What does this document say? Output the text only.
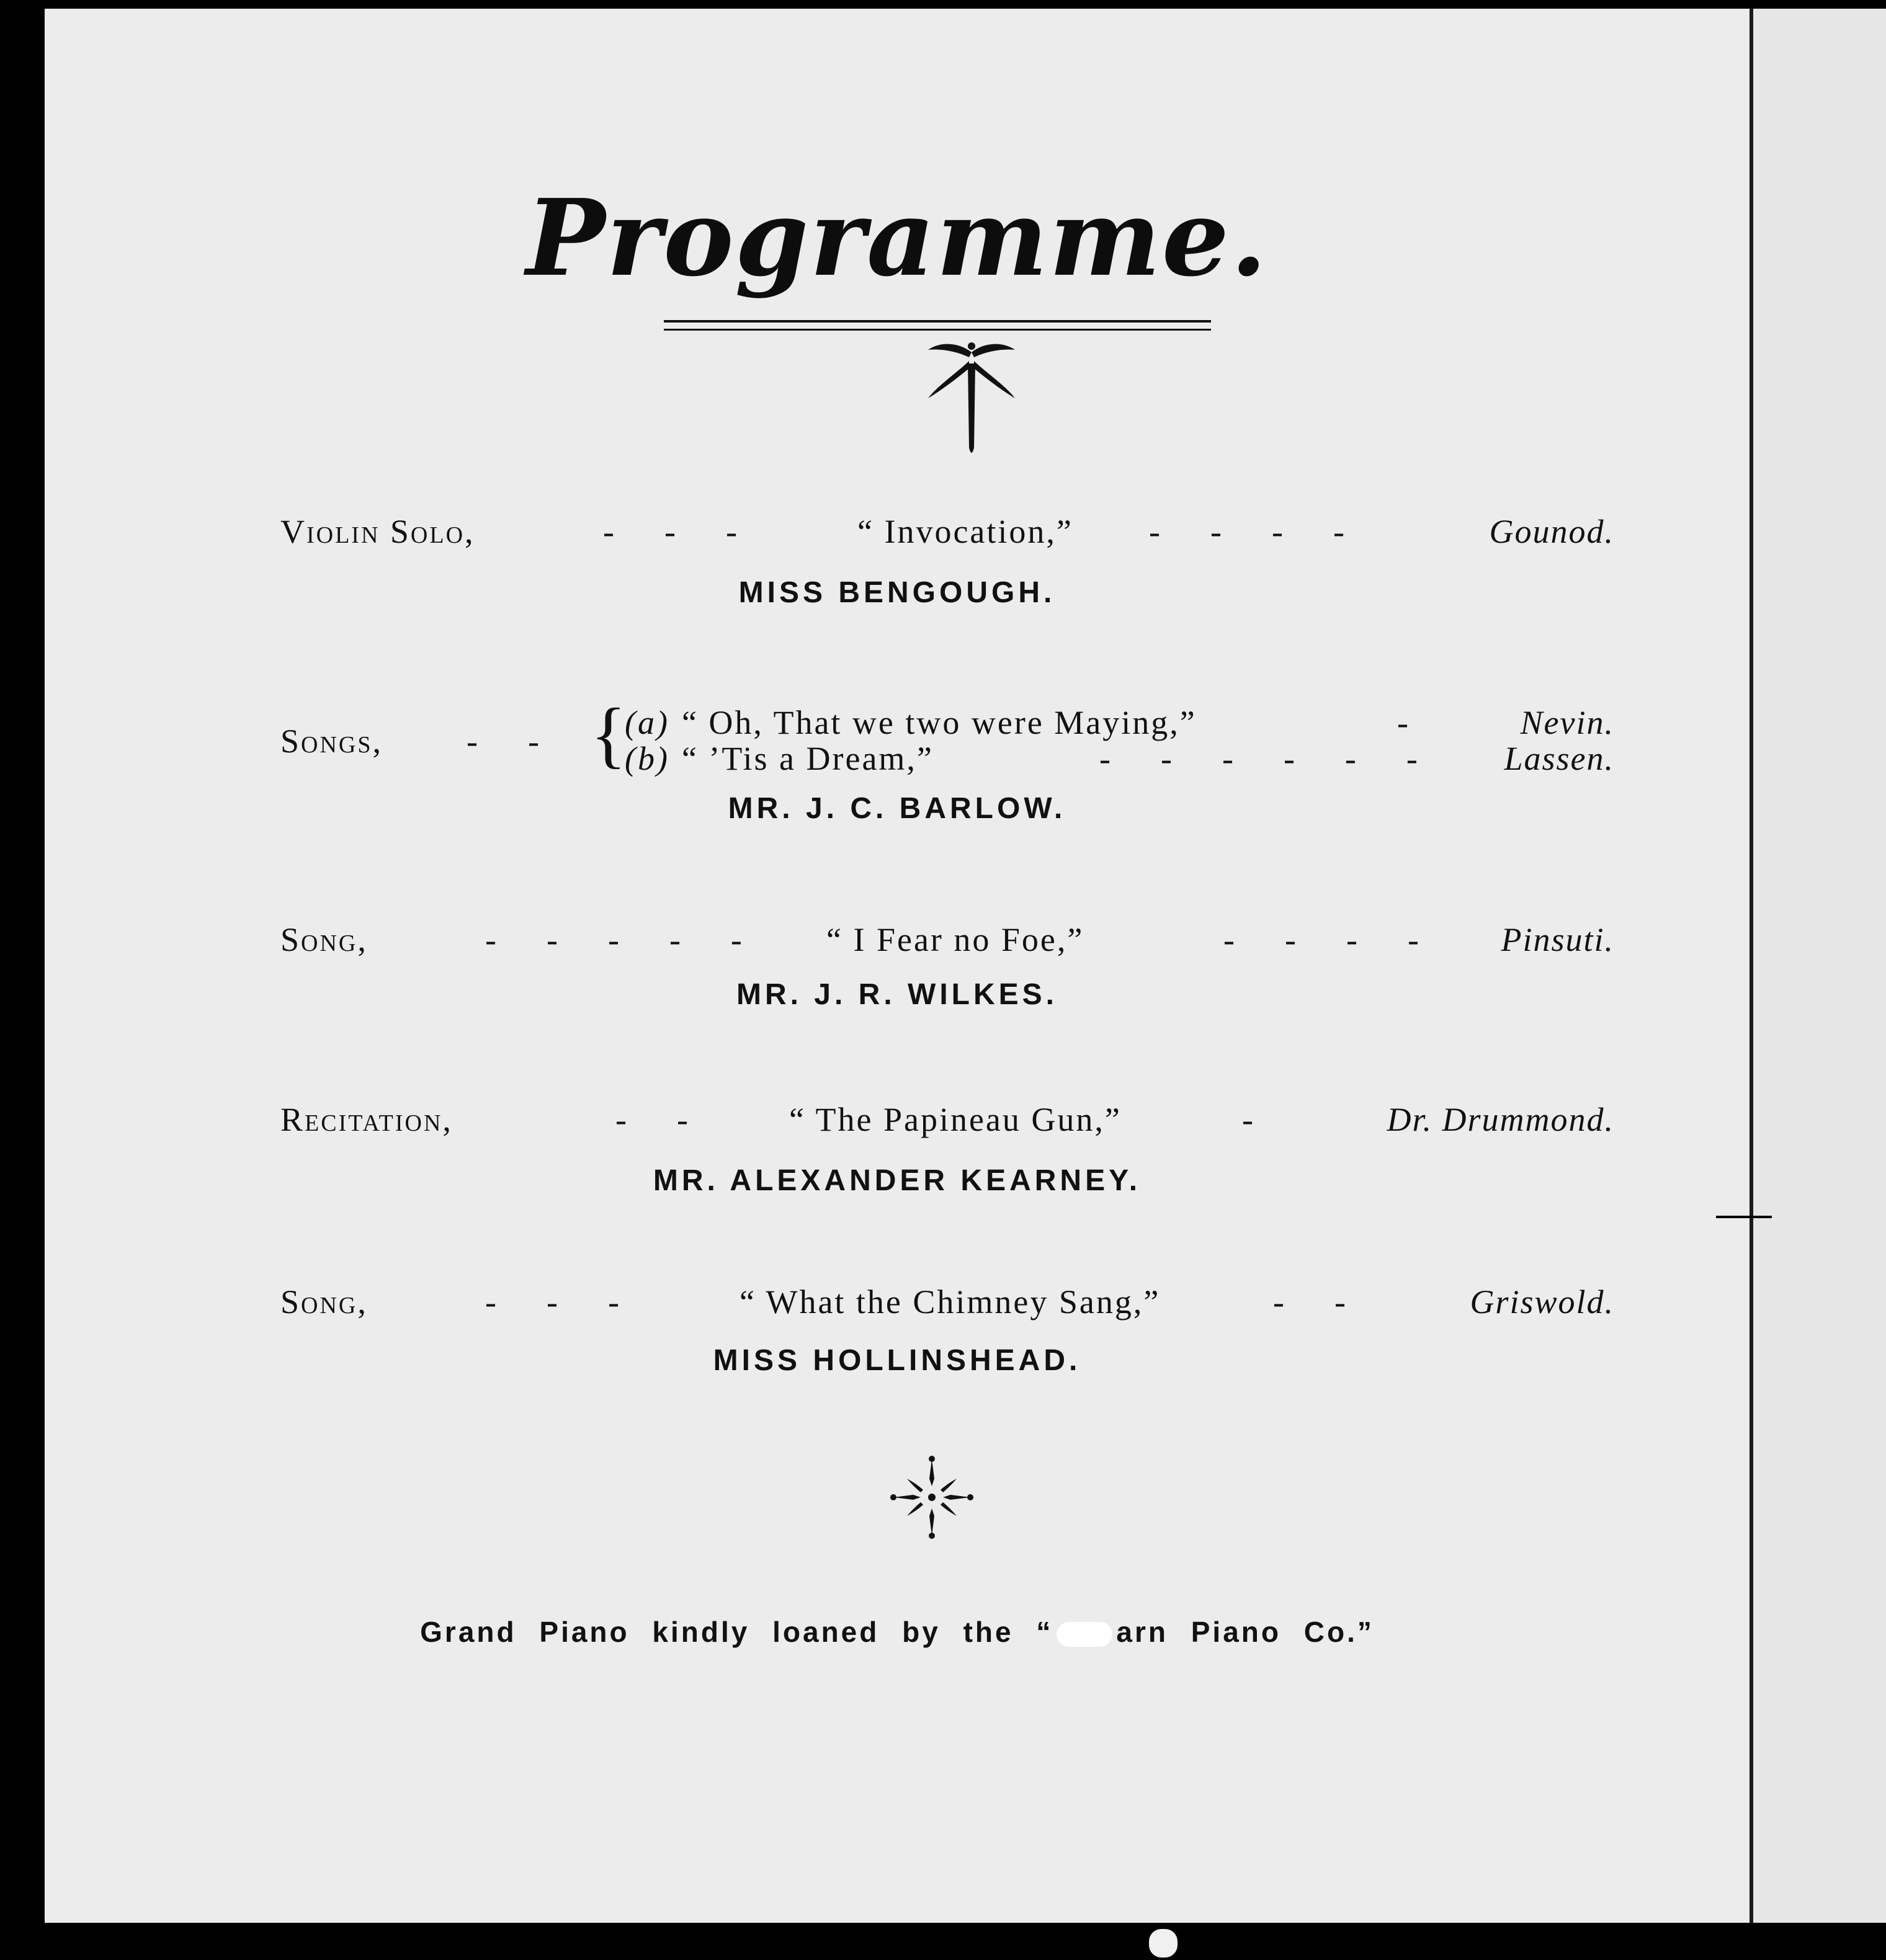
Programme.
Violin Solo,	-      -      -	“ Invocation,” -      -      -      -	Gounod.
MISS BENGOUGH.
Songs,	-      - {
(a) “ Oh, That we two were Maying,”	-	Nevin.
(b) “ ’Tis a Dream,”	-      -      -      -      -      -	Lassen.
MR. J. C. BARLOW.
Song,	-      -      -      -      -	“ I Fear no Foe,”	-      -      -      - Pinsuti.
MR. J. R. WILKES.
Recitation,	-      -	“ The Papineau Gun,”	-	Dr. Drummond.
MR. ALEXANDER KEARNEY.
Song,	-      -      -	“ What the Chimney Sang,”	-      -	Griswold.
MISS HOLLINSHEAD.
Grand Piano kindly loaned by the “ arn Piano Co.”
